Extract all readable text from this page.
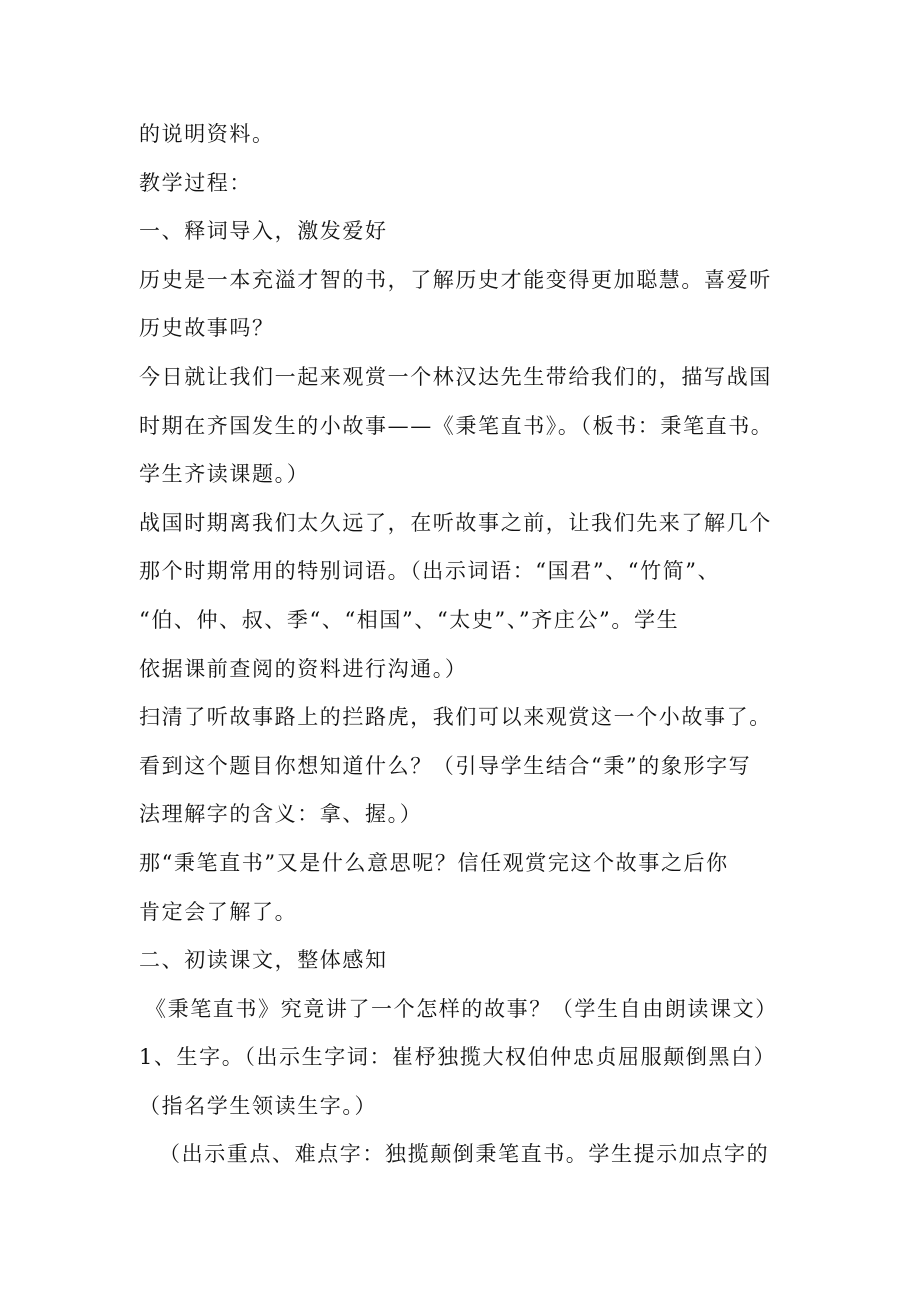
的说明资料。
教学过程：
一、释词导入，激发爱好
历史是一本充溢才智的书，了解历史才能变得更加聪慧。喜爱听
历史故事吗？
今日就让我们一起来观赏一个林汉达先生带给我们的，描写战国
时期在齐国发生的小故事——《秉笔直书》。（板书：秉笔直书。
学生齐读课题。）
战国时期离我们太久远了，在听故事之前，让我们先来了解几个
那个时期常用的特别词语。（出示词语：“国君”、“竹简”、
“伯、仲、叔、季“、“相国”、“太史”、”齐庄公”。学生
依据课前查阅的资料进行沟通。）
扫清了听故事路上的拦路虎，我们可以来观赏这一个小故事了。
看到这个题目你想知道什么？（引导学生结合“秉”的象形字写
法理解字的含义：拿、握。）
那“秉笔直书”又是什么意思呢？信任观赏完这个故事之后你
肯定会了解了。
二、初读课文，整体感知
《秉笔直书》究竟讲了一个怎样的故事？（学生自由朗读课文）
1、生字。（出示生字词：崔杼独揽大权伯仲忠贞屈服颠倒黑白）
（指名学生领读生字。）
（出示重点、难点字：独揽颠倒秉笔直书。学生提示加点字的
